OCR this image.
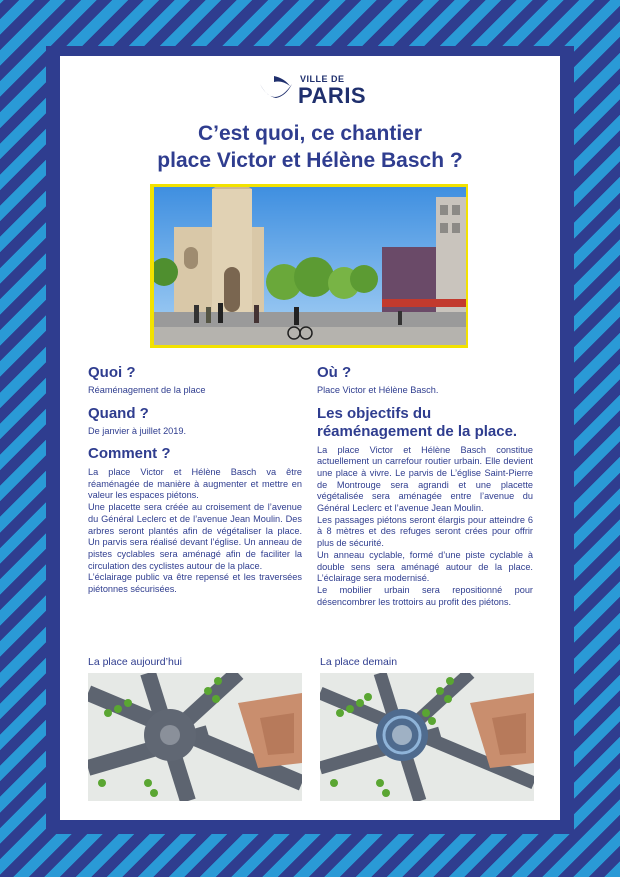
VILLE DE
PARIS
C’est quoi, ce chantier
place Victor et Hélène Basch ?
Quoi ?

Réaménagement de la place

Quand ?

De janvier à juillet 2019.

Comment ?

La place Victor et Hélène Basch va être réaménagée de manière à augmenter et mettre en valeur les espaces piétons.

Une placette sera créée au croisement de l’avenue du Général Leclerc et de l’avenue Jean Moulin. Des arbres seront plantés afin de végétaliser la place. Un parvis sera réalisé devant l’église. Un anneau de pistes cyclables sera aménagé afin de faciliter la circulation des cyclistes autour de la place.

L’éclairage public va être repensé et les traversées piétonnes sécurisées.

Où ?

Place Victor et Hélène Basch.

Les objectifs du
réaménagement de la place.

La place Victor et Hélène Basch constitue actuellement un carrefour routier urbain. Elle devient une place à vivre. Le parvis de L’église Saint-Pierre de Montrouge sera agrandi et une placette végétalisée sera aménagée entre l’avenue du Général Leclerc et l’avenue Jean Moulin.

Les passages piétons seront élargis pour atteindre 6 à 8 mètres et des refuges seront crées pour offrir plus de sécurité.

Un anneau cyclable, formé d’une piste cyclable à double sens sera aménagé autour de la place. L’éclairage sera modernisé.

Le mobilier urbain sera repositionné pour désencombrer les trottoirs au profit des piétons.

La place aujourd’hui	La place demain
